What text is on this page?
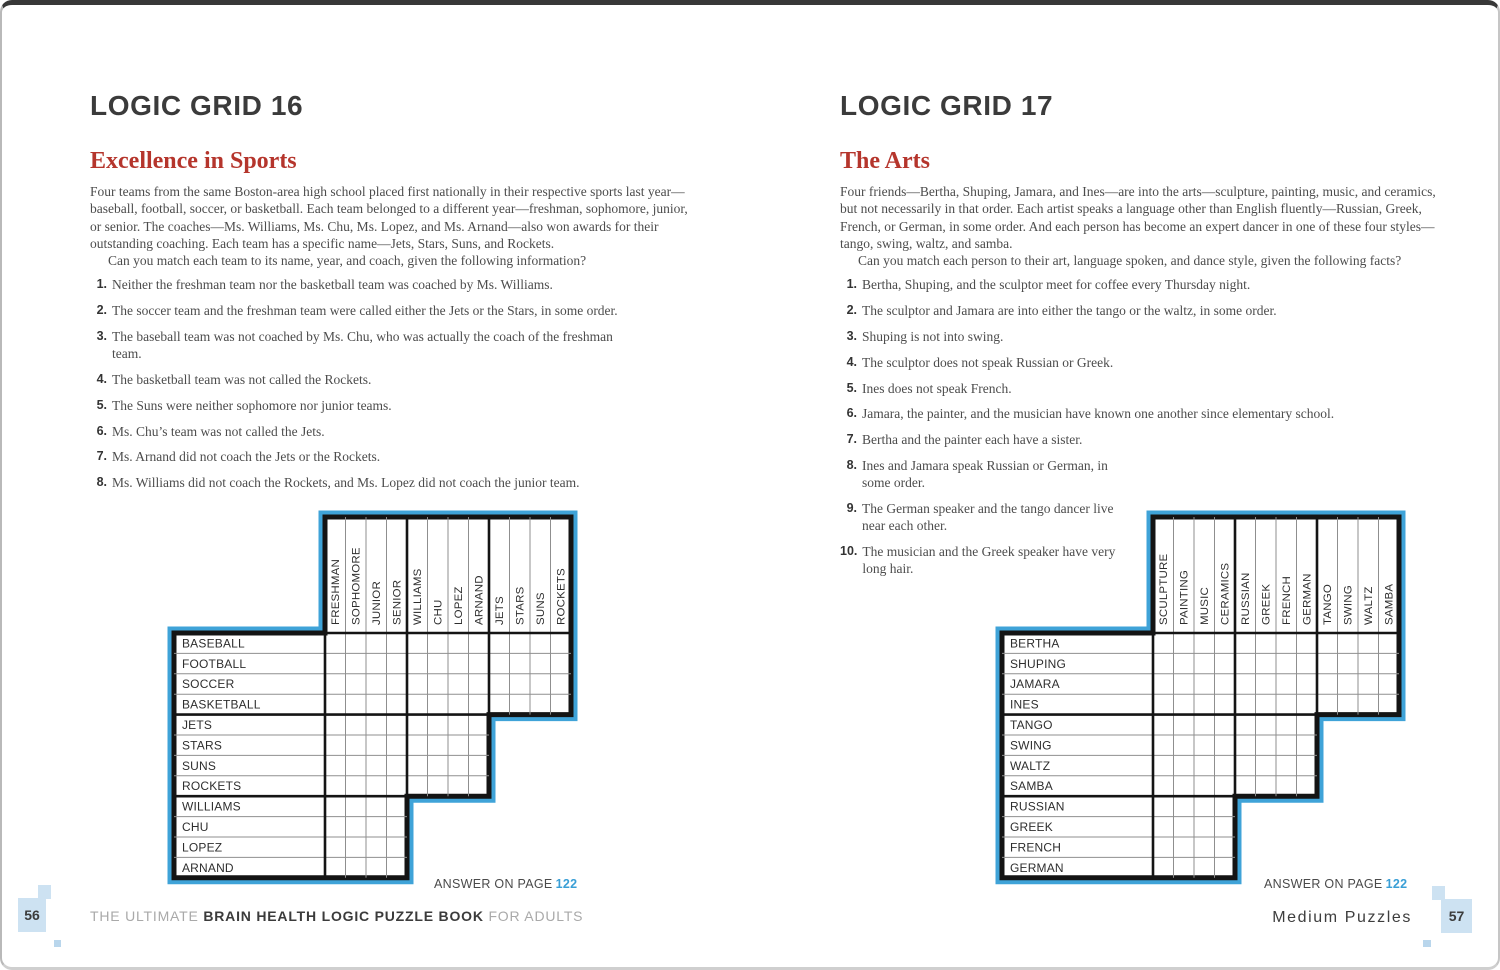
LOGIC GRID 16
Excellence in Sports

Four teams from the same Boston-area high school placed first nationally in their respective sports last year—baseball, football, soccer, or basketball. Each team belonged to a different year—freshman, sophomore, junior, or senior. The coaches—Ms. Williams, Ms. Chu, Ms. Lopez, and Ms. Arnand—also won awards for their outstanding coaching. Each team has a specific name—Jets, Stars, Suns, and Rockets.

Can you match each team to its name, year, and coach, given the following information?

1. Neither the freshman team nor the basketball team was coached by Ms. Williams.
2. The soccer team and the freshman team were called either the Jets or the Stars, in some order.
3. The baseball team was not coached by Ms. Chu, who was actually the coach of the freshman team.
4. The basketball team was not called the Rockets.
5. The Suns were neither sophomore nor junior teams.
6. Ms. Chu’s team was not called the Jets.
7. Ms. Arnand did not coach the Jets or the Rockets.
8. Ms. Williams did not coach the Rockets, and Ms. Lopez did not coach the junior team.
LOGIC GRID 17
The Arts

Four friends—Bertha, Shuping, Jamara, and Ines—are into the arts—sculpture, painting, music, and ceramics, but not necessarily in that order. Each artist speaks a language other than English fluently—Russian, Greek, French, or German, in some order. And each person has become an expert dancer in one of these four styles—tango, swing, waltz, and samba.

Can you match each person to their art, language spoken, and dance style, given the following facts?

1. Bertha, Shuping, and the sculptor meet for coffee every Thursday night.
2. The sculptor and Jamara are into either the tango or the waltz, in some order.
3. Shuping is not into swing.
4. The sculptor does not speak Russian or Greek.
5. Ines does not speak French.
6. Jamara, the painter, and the musician have known one another since elementary school.
7. Bertha and the painter each have a sister.
8. Ines and Jamara speak Russian or German, in some order.
9. The German speaker and the tango dancer live near each other.
10. The musician and the Greek speaker have very long hair.
FRESHMAN SOPHOMORE JUNIOR SENIOR WILLIAMS CHU LOPEZ ARNAND JETS STARS SUNS ROCKETS
BASEBALL
FOOTBALL
SOCCER
BASKETBALL
JETS
STARS
SUNS
ROCKETS
WILLIAMS
CHU
LOPEZ
ARNAND
SCULPTURE PAINTING MUSIC CERAMICS RUSSIAN GREEK FRENCH GERMAN TANGO SWING WALTZ SAMBA
BERTHA
SHUPING
JAMARA
INES
TANGO
SWING
WALTZ
SAMBA
RUSSIAN
GREEK
FRENCH
GERMAN
ANSWER ON PAGE 122	ANSWER ON PAGE 122
56	THE ULTIMATE BRAIN HEALTH LOGIC PUZZLE BOOK FOR ADULTS	57
Medium Puzzles
